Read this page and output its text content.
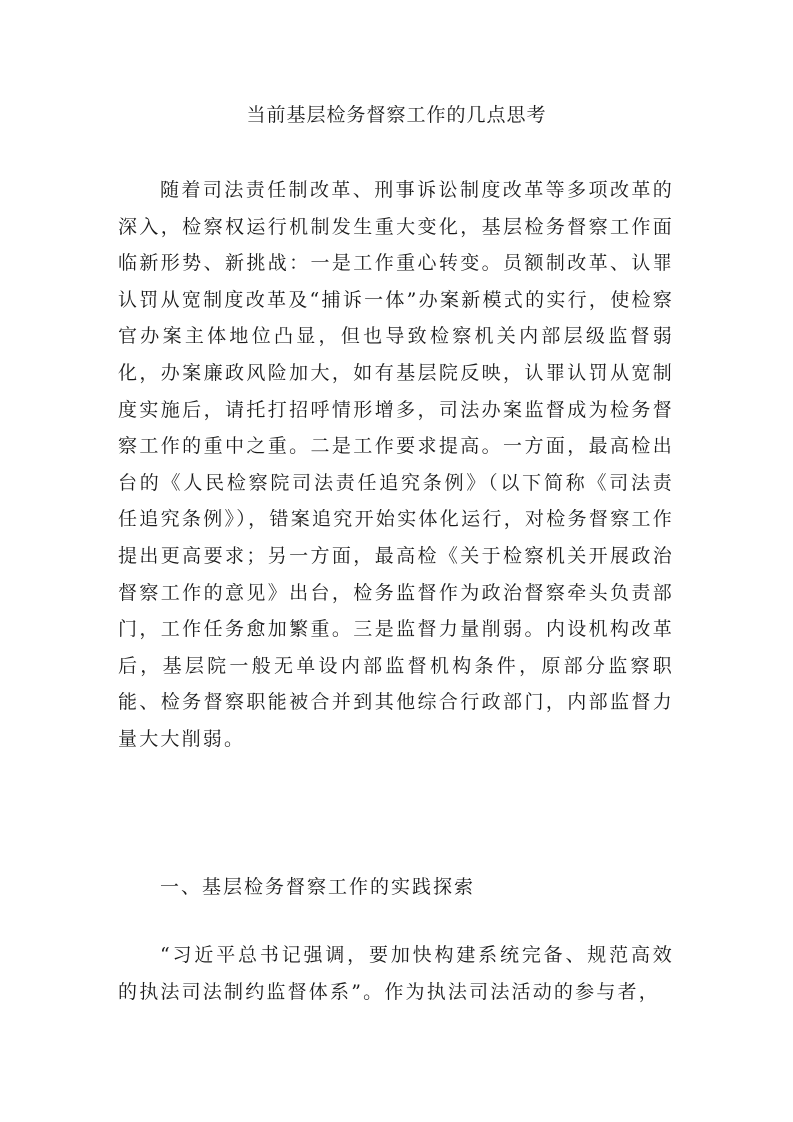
当前基层检务督察工作的几点思考

随着司法责任制改革、刑事诉讼制度改革等多项改革的深入，检察权运行机制发生重大变化，基层检务督察工作面临新形势、新挑战：一是工作重心转变。员额制改革、认罪认罚从宽制度改革及“捕诉一体”办案新模式的实行，使检察官办案主体地位凸显，但也导致检察机关内部层级监督弱化，办案廉政风险加大，如有基层院反映，认罪认罚从宽制度实施后，请托打招呼情形增多，司法办案监督成为检务督察工作的重中之重。二是工作要求提高。一方面，最高检出台的《人民检察院司法责任追究条例》（以下简称《司法责任追究条例》），错案追究开始实体化运行，对检务督察工作提出更高要求；另一方面，最高检《关于检察机关开展政治督察工作的意见》出台，检务监督作为政治督察牵头负责部门，工作任务愈加繁重。三是监督力量削弱。内设机构改革后，基层院一般无单设内部监督机构条件，原部分监察职能、检务督察职能被合并到其他综合行政部门，内部监督力量大大削弱。

一、基层检务督察工作的实践探索

“习近平总书记强调，要加快构建系统完备、规范高效的执法司法制约监督体系”。作为执法司法活动的参与者，
